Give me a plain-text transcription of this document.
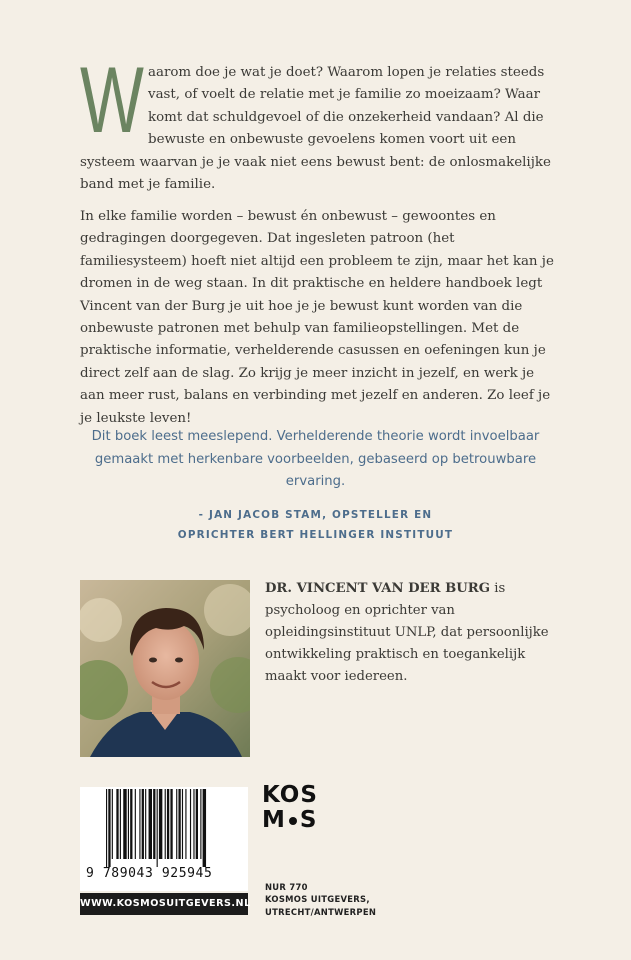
W aarom doe je wat je doet? Waarom lopen je relaties steeds vast, of voelt de relatie met je familie zo moeizaam? Waar komt dat schuldgevoel of die onzekerheid vandaan? Al die bewuste en onbewuste gevoelens komen voort uit een systeem waarvan je je vaak niet eens bewust bent: de onlosmakelijke band met je familie.
In elke familie worden – bewust én onbewust – gewoontes en gedragingen doorgegeven. Dat ingesleten patroon (het familiesysteem) hoeft niet altijd een probleem te zijn, maar het kan je dromen in de weg staan. In dit praktische en heldere handboek legt Vincent van der Burg je uit hoe je je bewust kunt worden van die onbewuste patronen met behulp van familieopstellingen. Met de praktische informatie, verhelderende casussen en oefeningen kun je direct zelf aan de slag. Zo krijg je meer inzicht in jezelf, en werk je aan meer rust, balans en verbinding met jezelf en anderen. Zo leef je je leukste leven!
Dit boek leest meeslepend. Verhelderende theorie wordt invoelbaar gemaakt met herkenbare voorbeelden, gebaseerd op betrouwbare ervaring.
- JAN JACOB STAM, OPSTELLER EN
OPRICHTER BERT HELLINGER INSTITUUT
DR. VINCENT VAN DER BURG is psycholoog en oprichter van opleidingsinstituut UNLP, dat persoonlijke ontwikkeling praktisch en toegankelijk maakt voor iedereen.
KOS
M S
9 789043 925945
WWW.KOSMOSUITGEVERS.NL
NUR 770
KOSMOS UITGEVERS,
UTRECHT/ANTWERPEN
